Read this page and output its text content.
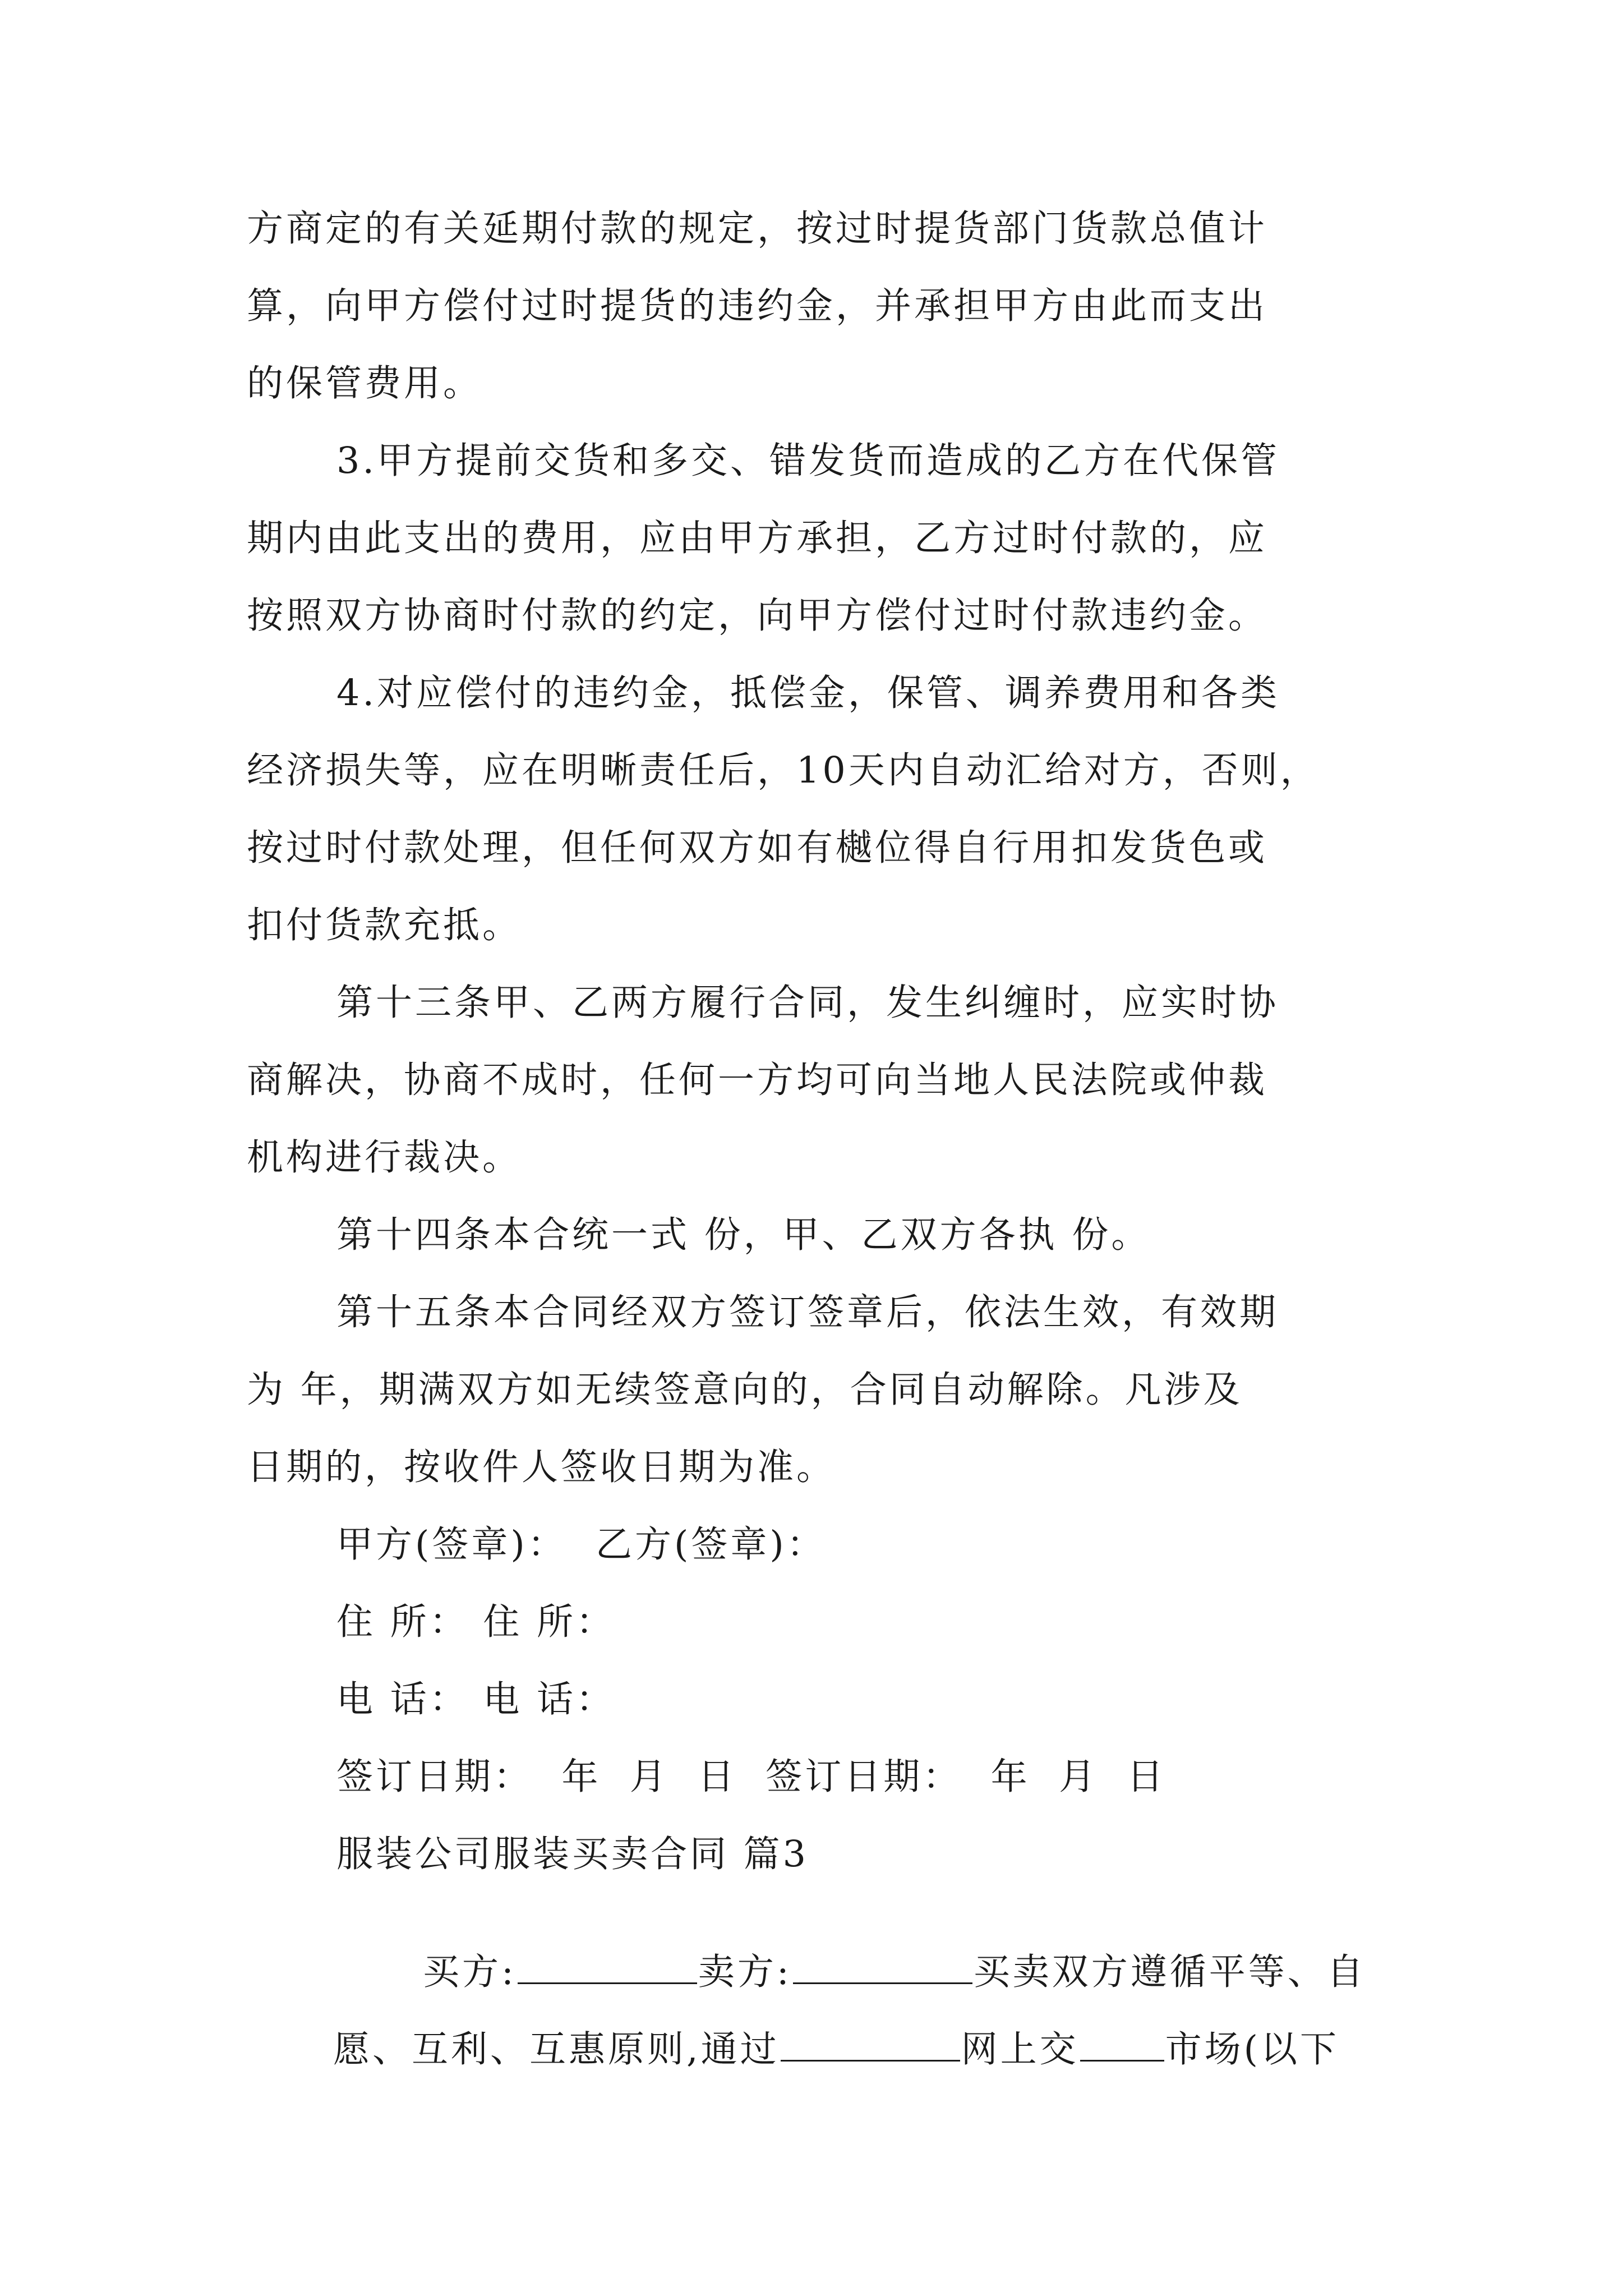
方商定的有关延期付款的规定，按过时提货部门货款总值计
算，向甲方偿付过时提货的违约金，并承担甲方由此而支出
的保管费用。
3.甲方提前交货和多交、错发货而造成的乙方在代保管
期内由此支出的费用，应由甲方承担，乙方过时付款的，应
按照双方协商时付款的约定，向甲方偿付过时付款违约金。
4.对应偿付的违约金，抵偿金，保管、调养费用和各类
经济损失等，应在明晰责任后，10天内自动汇给对方，否则，
按过时付款处理，但任何双方如有樾位得自行用扣发货色或
扣付货款充抵。
第十三条甲、乙两方履行合同，发生纠缠时，应实时协
商解决，协商不成时，任何一方均可向当地人民法院或仲裁
机构进行裁决。
第十四条本合统一式 份，甲、乙双方各执 份。
第十五条本合同经双方签订签章后，依法生效，有效期
为 年，期满双方如无续签意向的，合同自动解除。凡涉及
日期的，按收件人签收日期为准。
甲方(签章)：  乙方(签章)：
住 所： 住 所：
电 话： 电 话：
签订日期：  年  月  日  签订日期：  年  月  日
服装公司服装买卖合同 篇3

买方:	卖方:	买卖双方遵循平等、自

愿、互利、互惠原则,通过	网上交 市场(以下
